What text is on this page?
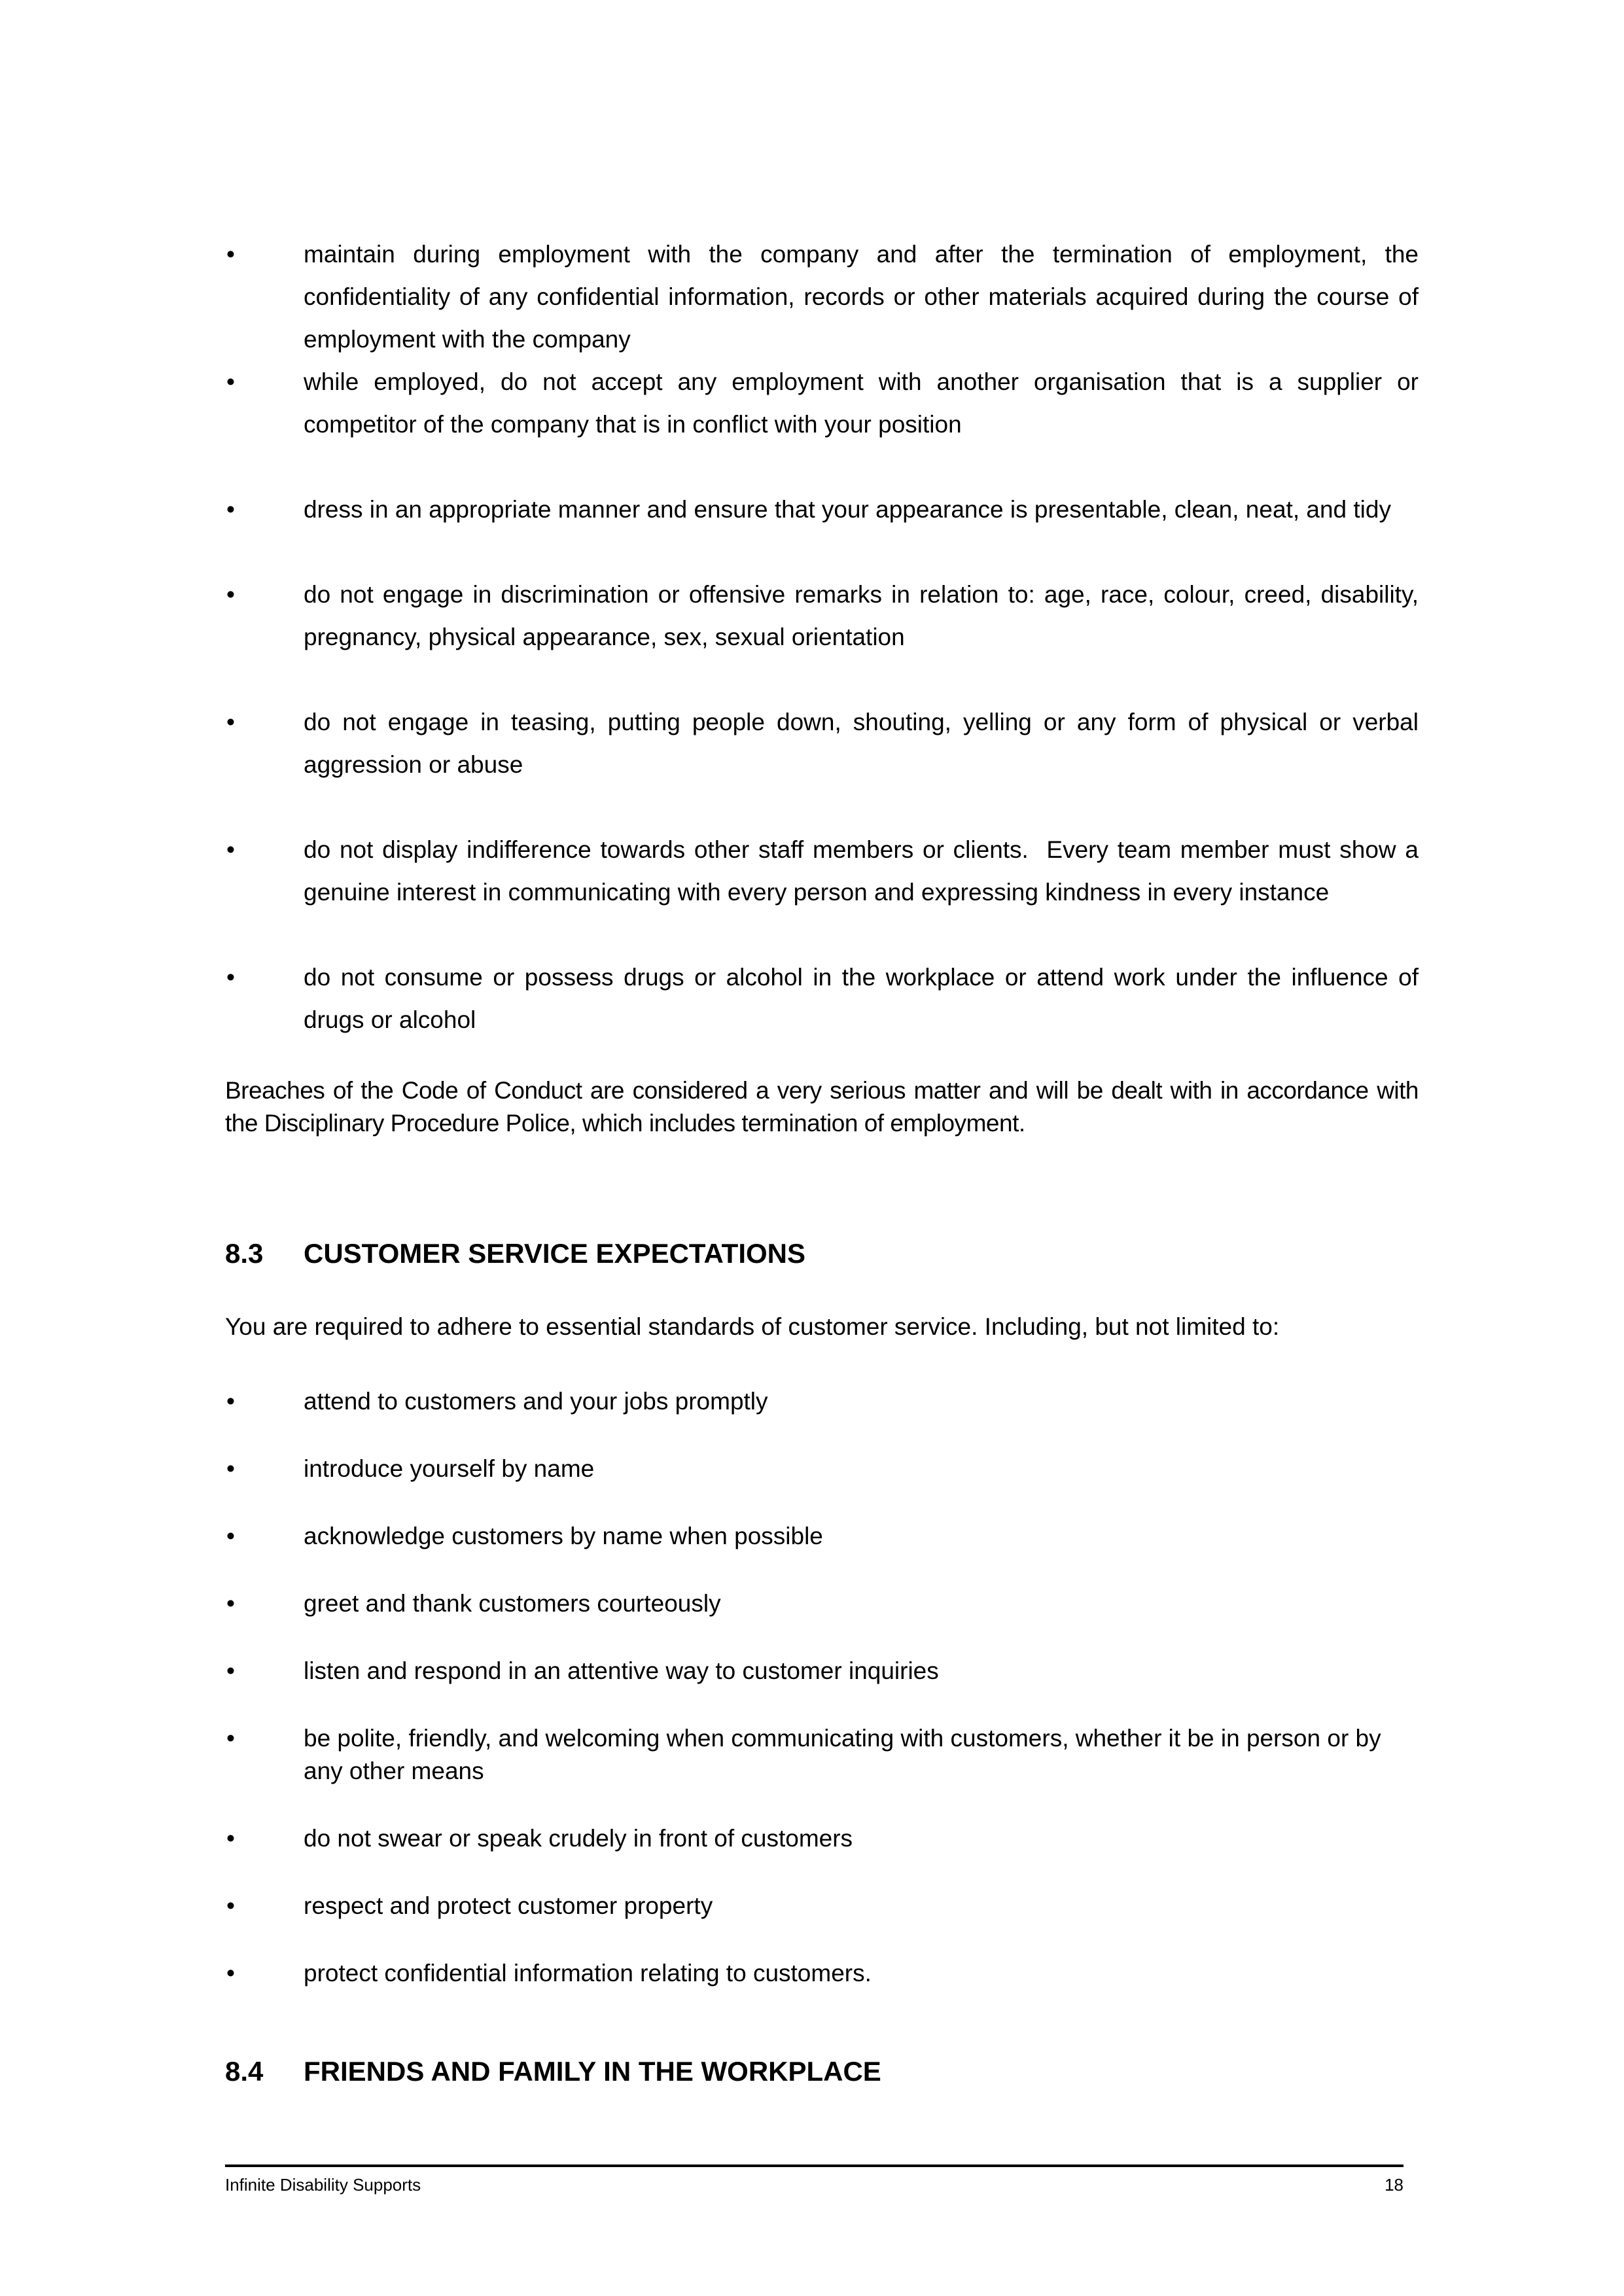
•	maintain during employment with the company and after the termination of employment, the confidentiality of any confidential information, records or other materials acquired during the course of employment with the company
•	while employed, do not accept any employment with another organisation that is a supplier or competitor of the company that is in conflict with your position
•	dress in an appropriate manner and ensure that your appearance is presentable, clean, neat, and tidy
•	do not engage in discrimination or offensive remarks in relation to: age, race, colour, creed, disability, pregnancy, physical appearance, sex, sexual orientation
•	do not engage in teasing, putting people down, shouting, yelling or any form of physical or verbal aggression or abuse
•	do not display indifference towards other staff members or clients.  Every team member must show a genuine interest in communicating with every person and expressing kindness in every instance
•	do not consume or possess drugs or alcohol in the workplace or attend work under the influence of drugs or alcohol

Breaches of the Code of Conduct are considered a very serious matter and will be dealt with in accordance with the Disciplinary Procedure Police, which includes termination of employment.

8.3 CUSTOMER SERVICE EXPECTATIONS

You are required to adhere to essential standards of customer service. Including, but not limited to:

•	attend to customers and your jobs promptly
•	introduce yourself by name
•	acknowledge customers by name when possible
•	greet and thank customers courteously
•	listen and respond in an attentive way to customer inquiries
•	be polite, friendly, and welcoming when communicating with customers, whether it be in person or by any other means
•	do not swear or speak crudely in front of customers
•	respect and protect customer property
•	protect confidential information relating to customers.
8.4 FRIENDS AND FAMILY IN THE WORKPLACE
Infinite Disability Supports	18
